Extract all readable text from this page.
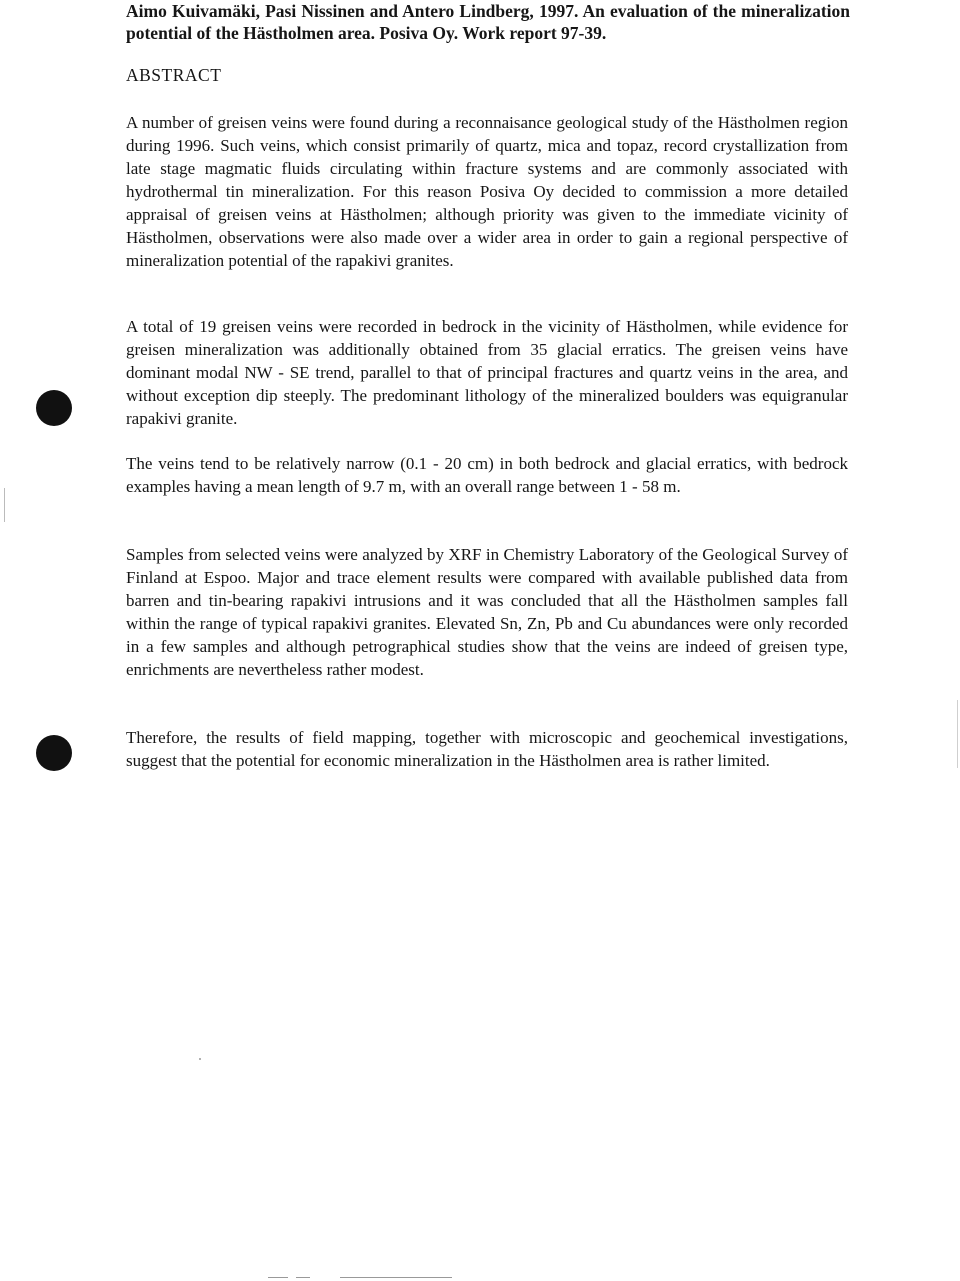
Aimo Kuivamäki, Pasi Nissinen and Antero Lindberg, 1997. An evaluation of the mineralization potential of the Hästholmen area. Posiva Oy. Work report 97-39.
ABSTRACT

A number of greisen veins were found during a reconnaisance geological study of the Hästholmen region during 1996. Such veins, which consist primarily of quartz, mica and topaz, record crystallization from late stage magmatic fluids circulating within fracture systems and are commonly associated with hydrothermal tin mineralization. For this reason Posiva Oy decided to commission a more detailed appraisal of greisen veins at Hästholmen; although priority was given to the immediate vicinity of Hästholmen, observations were also made over a wider area in order to gain a regional perspective of mineralization potential of the rapakivi granites.

A total of 19 greisen veins were recorded in bedrock in the vicinity of Hästholmen, while evidence for greisen mineralization was additionally obtained from 35 glacial erratics. The greisen veins have dominant modal NW - SE trend, parallel to that of principal fractures and quartz veins in the area, and without exception dip steeply. The predominant lithology of the mineralized boulders was equigranular rapakivi granite.

The veins tend to be relatively narrow (0.1 - 20 cm) in both bedrock and glacial erratics, with bedrock examples having a mean length of 9.7 m, with an overall range between 1 - 58 m.

Samples from selected veins were analyzed by XRF in Chemistry Laboratory of the Geological Survey of Finland at Espoo. Major and trace element results were compared with available published data from barren and tin-bearing rapakivi intrusions and it was concluded that all the Hästholmen samples fall within the range of typical rapakivi granites. Elevated Sn, Zn, Pb and Cu abundances were only recorded in a few samples and although petrographical studies show that the veins are indeed of greisen type, enrichments are nevertheless rather modest.

Therefore, the results of field mapping, together with microscopic and geochemical investigations, suggest that the potential for economic mineralization in the Hästholmen area is rather limited.
